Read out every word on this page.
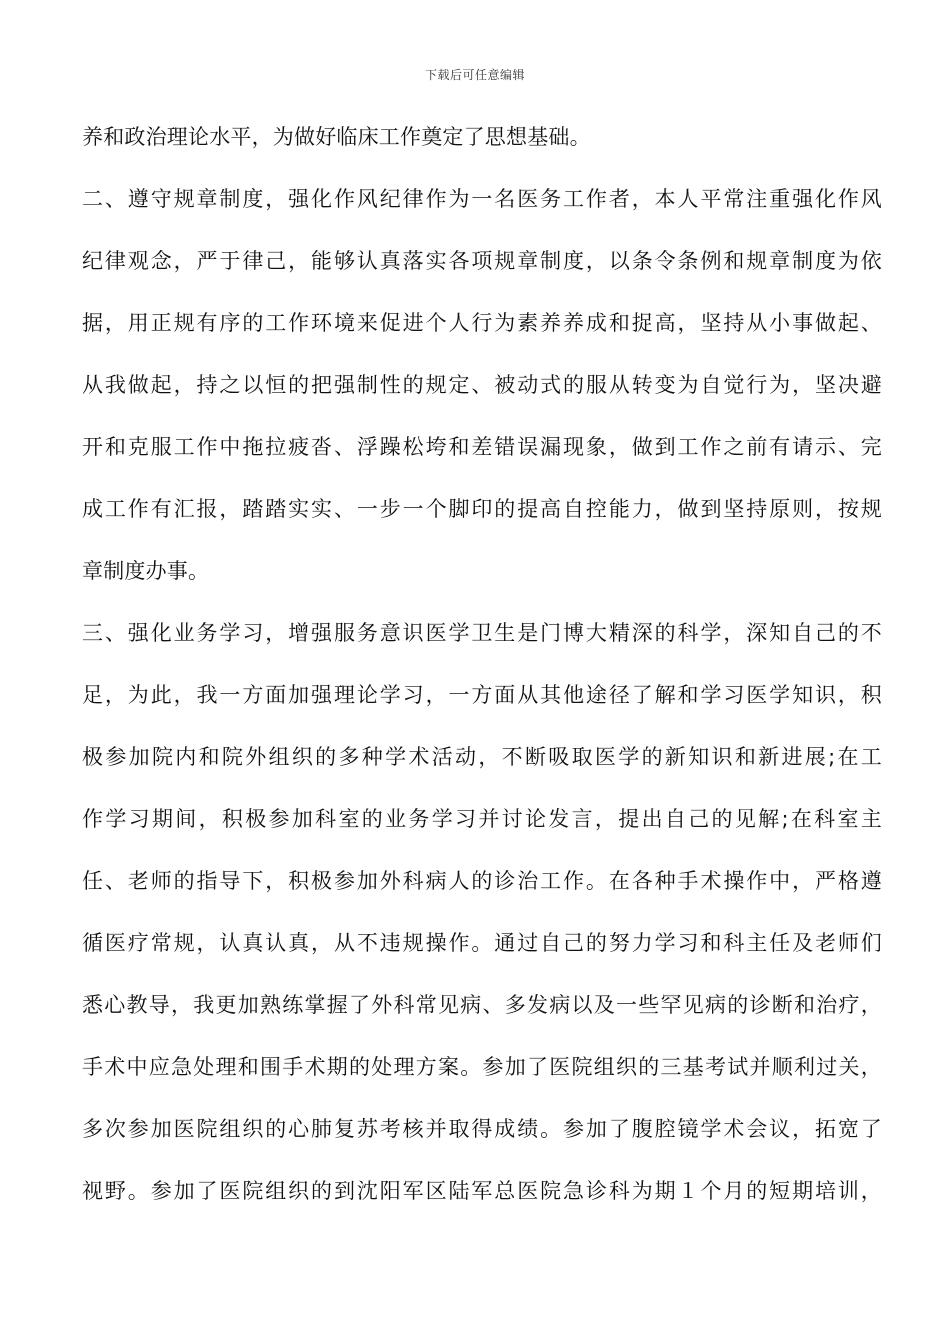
下载后可任意编辑
养和政治理论水平，为做好临床工作奠定了思想基础。
二、遵守规章制度，强化作风纪律作为一名医务工作者，本人平常注重强化作风
纪律观念，严于律己，能够认真落实各项规章制度，以条令条例和规章制度为依
据，用正规有序的工作环境来促进个人行为素养养成和捉高，坚持从小事做起、
从我做起，持之以恒的把强制性的规定、被动式的服从转变为自觉行为，坚决避
开和克服工作中拖拉疲沓、浮躁松垮和差错误漏现象，做到工作之前有请示、完
成工作有汇报，踏踏实实、一步一个脚印的提高自控能力，做到坚持原则，按规
章制度办事。
三、强化业务学习，增强服务意识医学卫生是门博大精深的科学，深知自己的不
足，为此，我一方面加强理论学习，一方面从其他途径了解和学习医学知识，积
极参加院内和院外组织的多种学术活动，不断吸取医学的新知识和新进展;在工
作学习期间，积极参加科室的业务学习并讨论发言，提出自己的见解;在科室主
任、老师的指导下，积极参加外科病人的诊治工作。在各种手术操作中，严格遵
循医疗常规，认真认真，从不违规操作。通过自己的努力学习和科主任及老师们
悉心教导，我更加熟练掌握了外科常见病、多发病以及一些罕见病的诊断和治疗，
手术中应急处理和围手术期的处理方案。参加了医院组织的三基考试并顺利过关，
多次参加医院组织的心肺复苏考核并取得成绩。参加了腹腔镜学术会议，拓宽了
视野。参加了医院组织的到沈阳军区陆军总医院急诊科为期１个月的短期培训，
